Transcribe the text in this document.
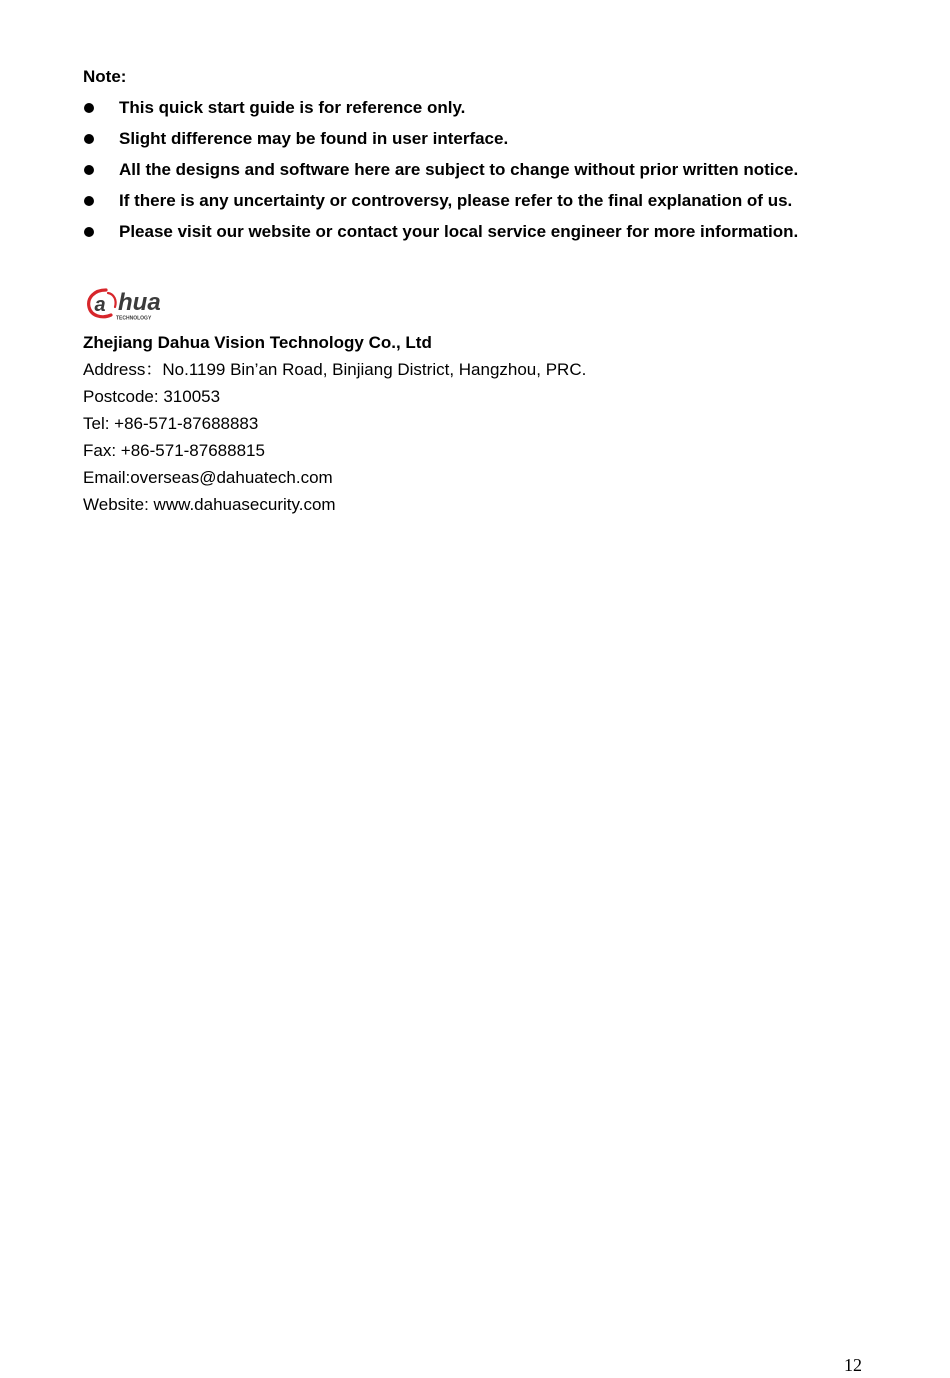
Note:
This quick start guide is for reference only.
Slight difference may be found in user interface.
All the designs and software here are subject to change without prior written notice.
If there is any uncertainty or controversy, please refer to the final explanation of us.
Please visit our website or contact your local service engineer for more information.
a hua
TECHNOLOGY
Zhejiang Dahua Vision Technology Co., Ltd
Address：No.1199 Bin’an Road, Binjiang District, Hangzhou, PRC.
Postcode: 310053
Tel: +86-571-87688883
Fax: +86-571-87688815
Email:overseas@dahuatech.com
Website: www.dahuasecurity.com
12
